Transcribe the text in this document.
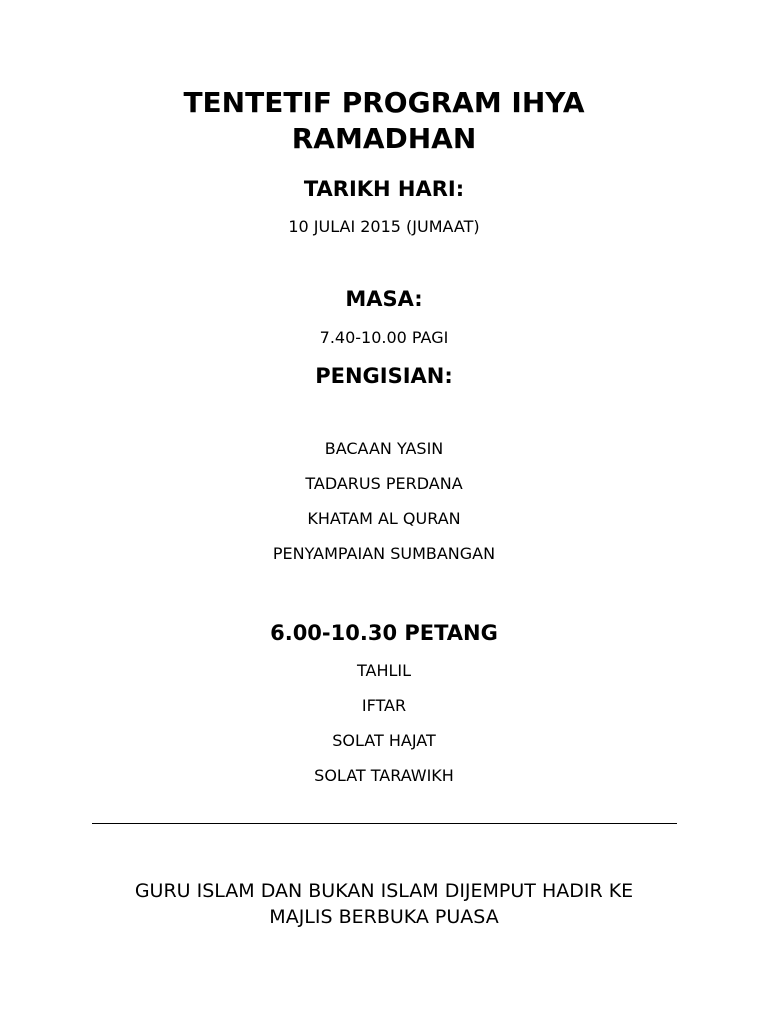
TENTETIF PROGRAM IHYA
RAMADHAN
TARIKH HARI:
10 JULAI 2015 (JUMAAT)
MASA:
7.40-10.00 PAGI
PENGISIAN:
BACAAN YASIN
TADARUS PERDANA
KHATAM AL QURAN
PENYAMPAIAN SUMBANGAN
6.00-10.30 PETANG
TAHLIL
IFTAR
SOLAT HAJAT
SOLAT TARAWIKH
GURU ISLAM DAN BUKAN ISLAM DIJEMPUT HADIR KE
MAJLIS BERBUKA PUASA
